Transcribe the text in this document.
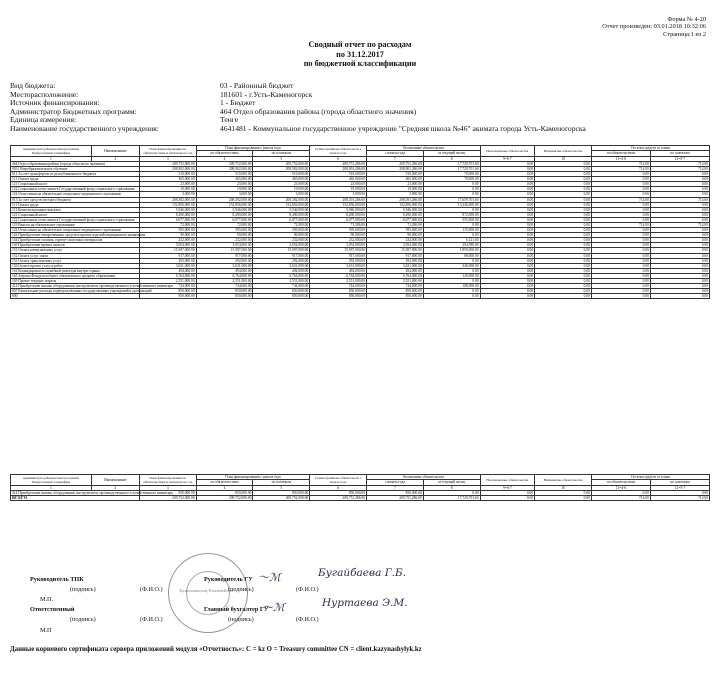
Форма № 4-20
Отчет произведен: 03.01.2018 10:32:06
Страница:1 из 2
Сводный отчет по расходам
по 31.12.2017
по бюджетной классификации
Вид бюджета:	03 - Районный бюджет
Месторасположение:	181601 - г.Усть-Каменогорск
Источник финансирования:	1 - Бюджет
Администратор Бюджетных программ:	464 Отдел образования района (города областного значения)
Единица измерения:	Тенге
Наименование государственного учреждения:	4641481 - Коммунальное государственное учреждение "Средняя школа №46" акимата города Усть-Каменогорска
Администратор Бюджетная программа Подпрограмма Специфика	Наименование	План финансирования по обязательствам и платежам на год	План финансирования с начала года		Сумма принятых обязательств с начала года	Оплаченные обязательства		Неоплаченные обязательства	Непринятые обязательства	Остатки средств от плана	
			по обязательствам	по платежам		с начала года	за текущий месяц			по обязательствам	по платежам
1	2	3	4	5	6	7	8	9=6-7	10	11=4-6	12=5-7
464 Отдел образования района (города областного значения)		209,752,000.00	209,752,000.00	209,752,000.00	209,751,286.00	209,751,286.00	17,729,701.60	0.00	0.00	714.00	714.00
003 Общеобразовательное обучение		208,902,000.00	208,902,000.00	208,902,000.00	208,901,286.00	208,901,286.00	17,729,701.60	0.00	0.00	714.00	714.00
011 За счет трансфертов из республиканского бюджета		510,000.00	510,000.00	510,000.00	510,000.00	510,000.00	70,000.00	0.00	0.00	0.00	0.00
111 Оплата труда		465,000.00	465,000.00	465,000.00	465,000.00	465,000.00	70,000.00	0.00	0.00	0.00	0.00
121 Социальный налог		23,000.00	23,000.00	23,000.00	23,000.00	23,000.00	0.00	0.00	0.00	0.00	0.00
122 Социальные отчисления в Государственный фонд социального страхования		19,000.00	19,000.00	19,000.00	19,000.00	19,000.00	0.00	0.00	0.00	0.00	0.00
124 Отчисления на обязательное социальное медицинское страхование		3,000.00	3,000.00	3,000.00	3,000.00	3,000.00	0.00	0.00	0.00	0.00	0.00
015 За счет средств местного бюджета		208,392,000.00	208,392,000.00	208,392,000.00	208,391,286.00	208,391,286.00	17,659,701.60	0.00	0.00	714.00	714.00
111 Оплата труда		152,856,000.00	152,856,000.00	152,856,000.00	152,856,000.00	152,856,000.00	13,246,000.00	0.00	0.00	0.00	0.00
113 Компенсационные выплаты		5,946,000.00	5,946,000.00	5,946,000.00	5,946,000.00	5,946,000.00	0.00	0.00	0.00	0.00	0.00
121 Социальный налог		8,490,000.00	8,490,000.00	8,490,000.00	8,490,000.00	8,490,000.00	872,000.00	0.00	0.00	0.00	0.00
122 Социальные отчисления в Государственный фонд социального страхования		6,077,000.00	6,077,000.00	6,077,000.00	6,077,000.00	6,077,000.00	555,000.00	0.00	0.00	0.00	0.00
123 Взносы на обязательное страхование		72,000.00	72,000.00	72,000.00	71,286.00	71,286.00	0.00	0.00	0.00	714.00	714.00
124 Отчисления на обязательное социальное медицинское страхование		595,000.00	595,000.00	595,000.00	595,000.00	595,000.00	115,000.00	0.00	0.00	0.00	0.00
142 Приобретение лекарственных средств и прочих изделий медицинского назначения		90,000.00	90,000.00	90,000.00	90,000.00	90,000.00	0.00	0.00	0.00	0.00	0.00
144 Приобретение топлива, горюче-смазочных материалов		232,000.00	232,000.00	232,000.00	232,000.00	232,000.00	6,121.60	0.00	0.00	0.00	0.00
149 Приобретение прочих запасов		3,054,000.00	3,054,000.00	3,054,000.00	3,054,000.00	3,054,000.00	294,580.00	0.00	0.00	0.00	0.00
151 Оплата коммунальных услуг		15,587,000.00	15,587,000.00	15,587,000.00	15,587,000.00	15,587,000.00	1,850,000.00	0.00	0.00	0.00	0.00
152 Оплата услуг связи		917,000.00	917,000.00	917,000.00	917,000.00	917,000.00	88,000.00	0.00	0.00	0.00	0.00
153 Оплата транспортных услуг		292,000.00	292,000.00	292,000.00	292,000.00	292,000.00	0.00	0.00	0.00	0.00	0.00
159 Оплата прочих услуг и работ		3,631,000.00	3,631,000.00	3,631,000.00	3,631,000.00	3,631,000.00	346,000.00	0.00	0.00	0.00	0.00
161 Командировки и служебные разъезды внутри страны		494,000.00	494,000.00	494,000.00	494,000.00	494,000.00	0.00	0.00	0.00	0.00	0.00
165 Затраты Фонда всеобщего обязательного среднего образования		6,764,000.00	6,764,000.00	6,764,000.00	6,764,000.00	6,764,000.00	129,000.00	0.00	0.00	0.00	0.00
169 Прочие текущие затраты		2,551,000.00	2,551,000.00	2,551,000.00	2,551,000.00	2,551,000.00	0.00	0.00	0.00	0.00	0.00
414 Приобретение машин, оборудования, инструментов, производственного и хозяйственного инвентаря		744,000.00	744,000.00	744,000.00	744,000.00	744,000.00	108,000.00	0.00	0.00	0.00	0.00
067 Капитальные расходы подведомственных государственных учреждений и организаций		850,000.00	850,000.00	850,000.00	850,000.00	850,000.00	0.00	0.00	0.00	0.00	0.00
000		850,000.00	850,000.00	850,000.00	850,000.00	850,000.00	0.00	0.00	0.00	0.00	0.00
Администратор Бюджетная программа Подпрограмма Специфика	Наименование	План финансирования по обязательствам и платежам на год	План финансирования с начала года		Сумма принятых обязательств с начала года	Оплаченные обязательства		Неоплаченные обязательства	Непринятые обязательства	Остатки средств от плана	
			по обязательствам	по платежам		с начала года	за текущий месяц			по обязательствам	по платежам
1	2	3	4	5	6	7	8	9=6-7	10	11=4-6	12=5-7
414 Приобретение машин, оборудования, инструментов, производственного и хозяйственного инвентаря		850,000.00	850,000.00	850,000.00	850,000.00	850,000.00	0.00	0.00	0.00	0.00	0.00
ВСЕГО		209,752,000.00	209,752,000.00	209,752,000.00	209,751,286.00	209,751,286.00	17,729,701.60	0.00	0.00	714.00	714.00
Руководитель ТПК	Руководитель ГУ 〜ℳ	Бугайбаева Г.Б.
(подпись)	(Ф.И.О.)	(подпись)	(Ф.И.О.)
М.П.
Ответственный	Главный бухгалтер ГУ
〜ℳ	Нуртаева Э.М.
(подпись)	(Ф.И.О.)	(подпись)	(Ф.И.О.)
М.П
Қазынашылық Казначейство
Данные корневого сертификата сервера приложений модуля «Отчетность»: C = kz O = Treasury committee CN = client.kazynashylyk.kz
